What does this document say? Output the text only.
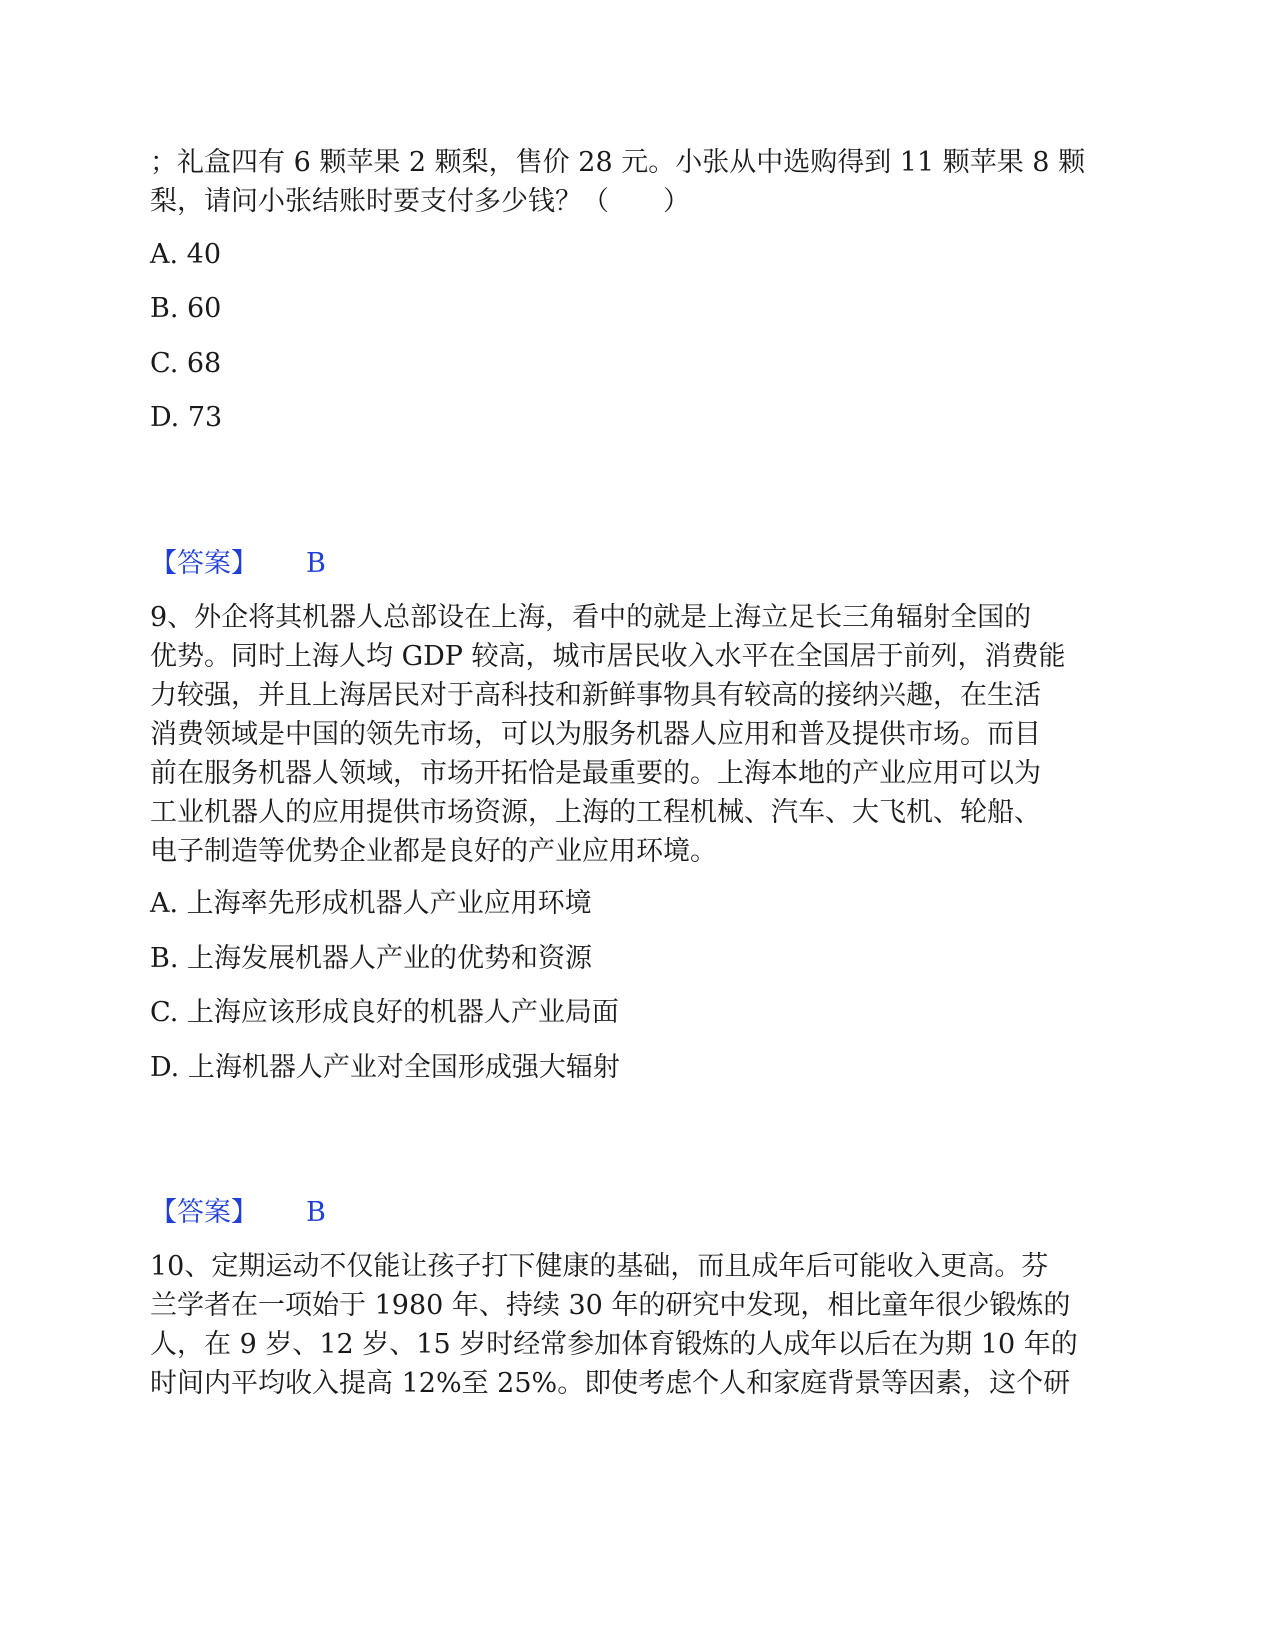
；礼盒四有 6 颗苹果 2 颗梨，售价 28 元。小张从中选购得到 11 颗苹果 8 颗
梨，请问小张结账时要支付多少钱？（　　）
A. 40
B. 60
C. 68
D. 73
【答案】 B
9、外企将其机器人总部设在上海，看中的就是上海立足长三角辐射全国的
优势。同时上海人均 GDP 较高，城市居民收入水平在全国居于前列，消费能
力较强，并且上海居民对于高科技和新鲜事物具有较高的接纳兴趣，在生活
消费领域是中国的领先市场，可以为服务机器人应用和普及提供市场。而目
前在服务机器人领域，市场开拓恰是最重要的。上海本地的产业应用可以为
工业机器人的应用提供市场资源，上海的工程机械、汽车、大飞机、轮船、
电子制造等优势企业都是良好的产业应用环境。
A. 上海率先形成机器人产业应用环境
B. 上海发展机器人产业的优势和资源
C. 上海应该形成良好的机器人产业局面
D. 上海机器人产业对全国形成强大辐射
【答案】 B
10、定期运动不仅能让孩子打下健康的基础，而且成年后可能收入更高。芬
兰学者在一项始于 1980 年、持续 30 年的研究中发现，相比童年很少锻炼的
人，在 9 岁、12 岁、15 岁时经常参加体育锻炼的人成年以后在为期 10 年的
时间内平均收入提高 12%至 25%。即使考虑个人和家庭背景等因素，这个研
